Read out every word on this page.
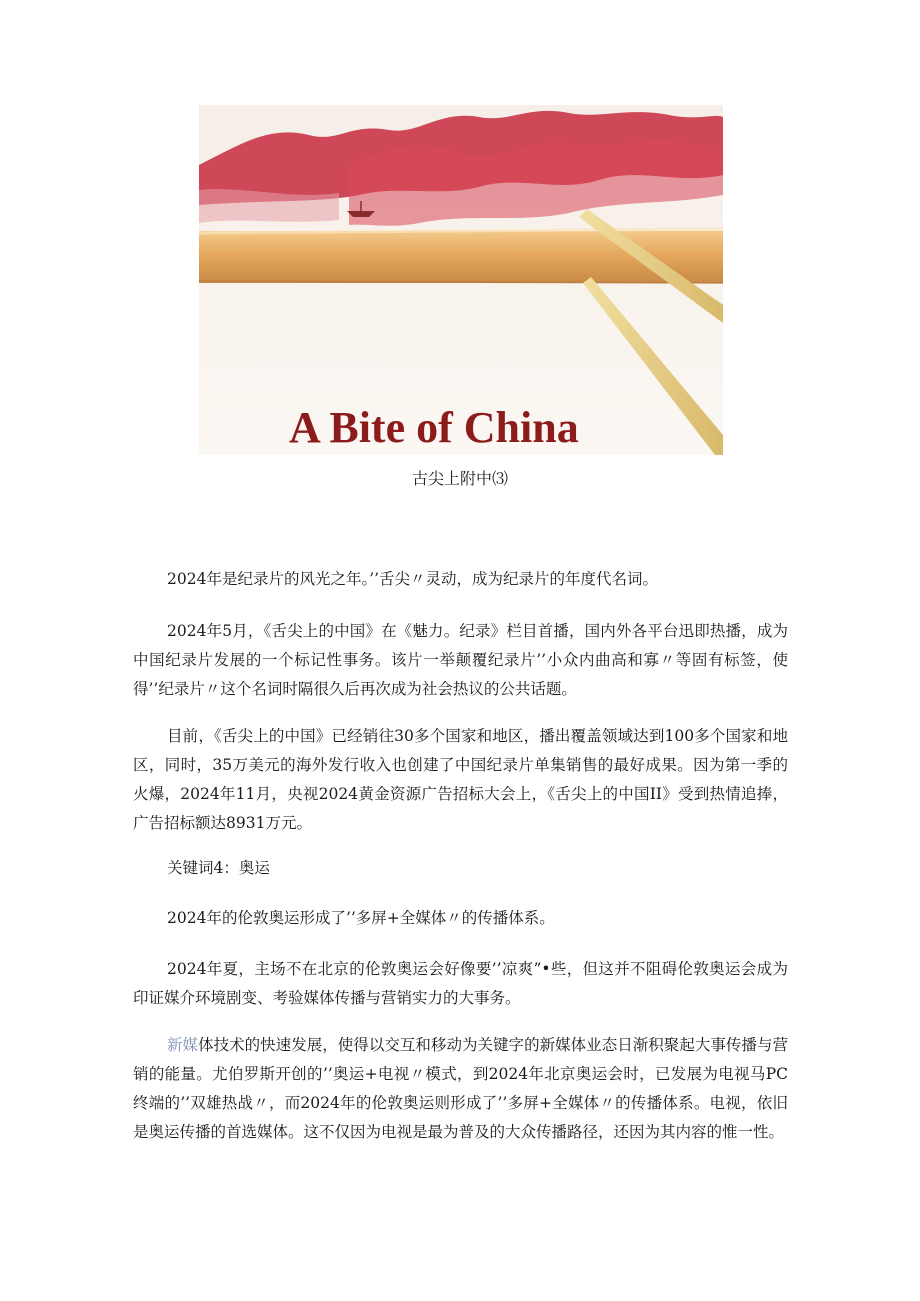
A Bite of China
古尖上附中⑶

2024年是纪录片的风光之年。’’舌尖〃灵动，成为纪录片的年度代名词。

2024年5月，《舌尖上的中国》在《魅力。纪录》栏目首播，国内外各平台迅即热播，成为中国纪录片发展的一个标记性事务。该片一举颠覆纪录片’’小众内曲高和寡〃等固有标签，使得’’纪录片〃这个名词时隔很久后再次成为社会热议的公共话题。

目前，《舌尖上的中国》已经销往30多个国家和地区，播出覆盖领域达到100多个国家和地区，同时，35万美元的海外发行收入也创建了中国纪录片单集销售的最好成果。因为第一季的火爆，2024年11月，央视2024黄金资源广告招标大会上，《舌尖上的中国II》受到热情追捧，广告招标额达8931万元。

关键词4：奥运

2024年的伦敦奥运形成了’’多屏+全媒体〃的传播体系。

2024年夏，主场不在北京的伦敦奥运会好像要’’凉爽”•些，但这并不阻碍伦敦奥运会成为印证媒介环境剧变、考验媒体传播与营销实力的大事务。

新媒体技术的快速发展，使得以交互和移动为关键字的新媒体业态日渐积聚起大事传播与营销的能量。尤伯罗斯开创的’’奥运+电视〃模式，到2024年北京奥运会时，已发展为电视马PC终端的’’双雄热战〃，而2024年的伦敦奥运则形成了’’多屏+全媒体〃的传播体系。电视，依旧是奥运传播的首选媒体。这不仅因为电视是最为普及的大众传播路径，还因为其内容的惟一性。
